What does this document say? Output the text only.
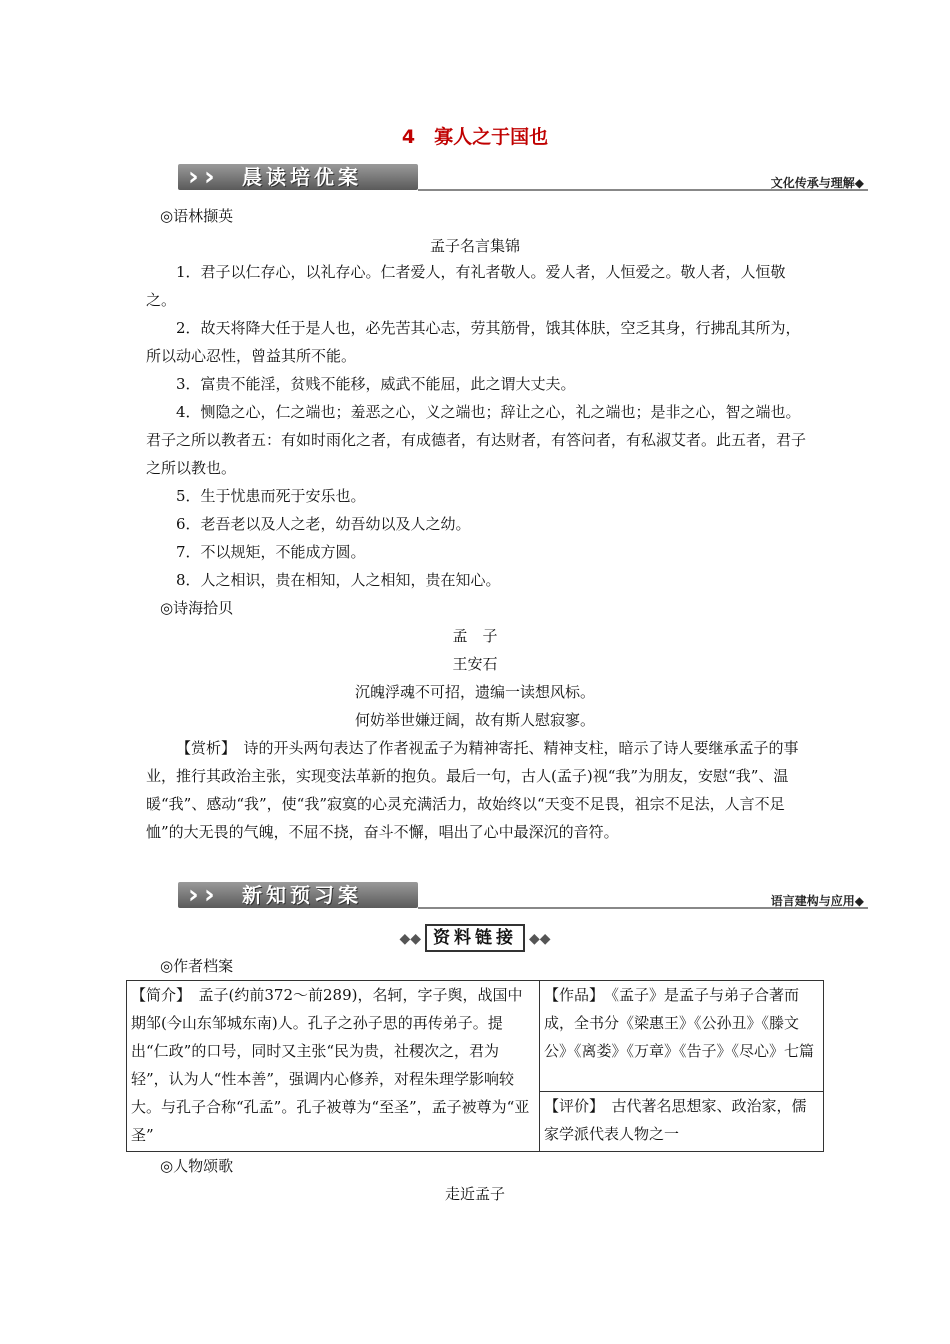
4　寡人之于国也
› ›	晨读培优案	文化传承与理解◆
◎语林撷英
孟子名言集锦
1．君子以仁存心，以礼存心。仁者爱人，有礼者敬人。爱人者，人恒爱之。敬人者，人恒敬之。
2．故天将降大任于是人也，必先苦其心志，劳其筋骨，饿其体肤，空乏其身，行拂乱其所为，所以动心忍性，曾益其所不能。
3．富贵不能淫，贫贱不能移，威武不能屈，此之谓大丈夫。
4．恻隐之心，仁之端也；羞恶之心，义之端也；辞让之心，礼之端也；是非之心，智之端也。君子之所以教者五：有如时雨化之者，有成德者，有达财者，有答问者，有私淑艾者。此五者，君子之所以教也。
5．生于忧患而死于安乐也。
6．老吾老以及人之老，幼吾幼以及人之幼。
7．不以规矩，不能成方圆。
8．人之相识，贵在相知，人之相知，贵在知心。
◎诗海拾贝
孟　子
王安石
沉魄浮魂不可招，遗编一读想风标。
何妨举世嫌迂阔，故有斯人慰寂寥。
【赏析】　诗的开头两句表达了作者视孟子为精神寄托、精神支柱，暗示了诗人要继承孟子的事业，推行其政治主张，实现变法革新的抱负。最后一句，古人(孟子)视“我”为朋友，安慰“我”、温暖“我”、感动“我”，使“我”寂寞的心灵充满活力，故始终以“天变不足畏，祖宗不足法，人言不足恤”的大无畏的气魄，不屈不挠，奋斗不懈，唱出了心中最深沉的音符。
› ›	新知预习案	语言建构与应用◆
◆◆ 资料链接 ◆◆
◎作者档案
【简介】　孟子(约前372～前289)，名轲，字子舆，战国中期邹(今山东邹城东南)人。孔子之孙子思的再传弟子。提出“仁政”的口号，同时又主张“民为贵，社稷次之，君为轻”，认为人“性本善”，强调内心修养，对程朱理学影响较大。与孔子合称“孔孟”。孔子被尊为“至圣”，孟子被尊为“亚圣”	【作品】　《孟子》是孟子与弟子合著而成，全书分《梁惠王》《公孙丑》《滕文公》《离娄》《万章》《告子》《尽心》七篇
【评价】　古代著名思想家、政治家，儒家学派代表人物之一
◎人物颂歌
走近孟子
